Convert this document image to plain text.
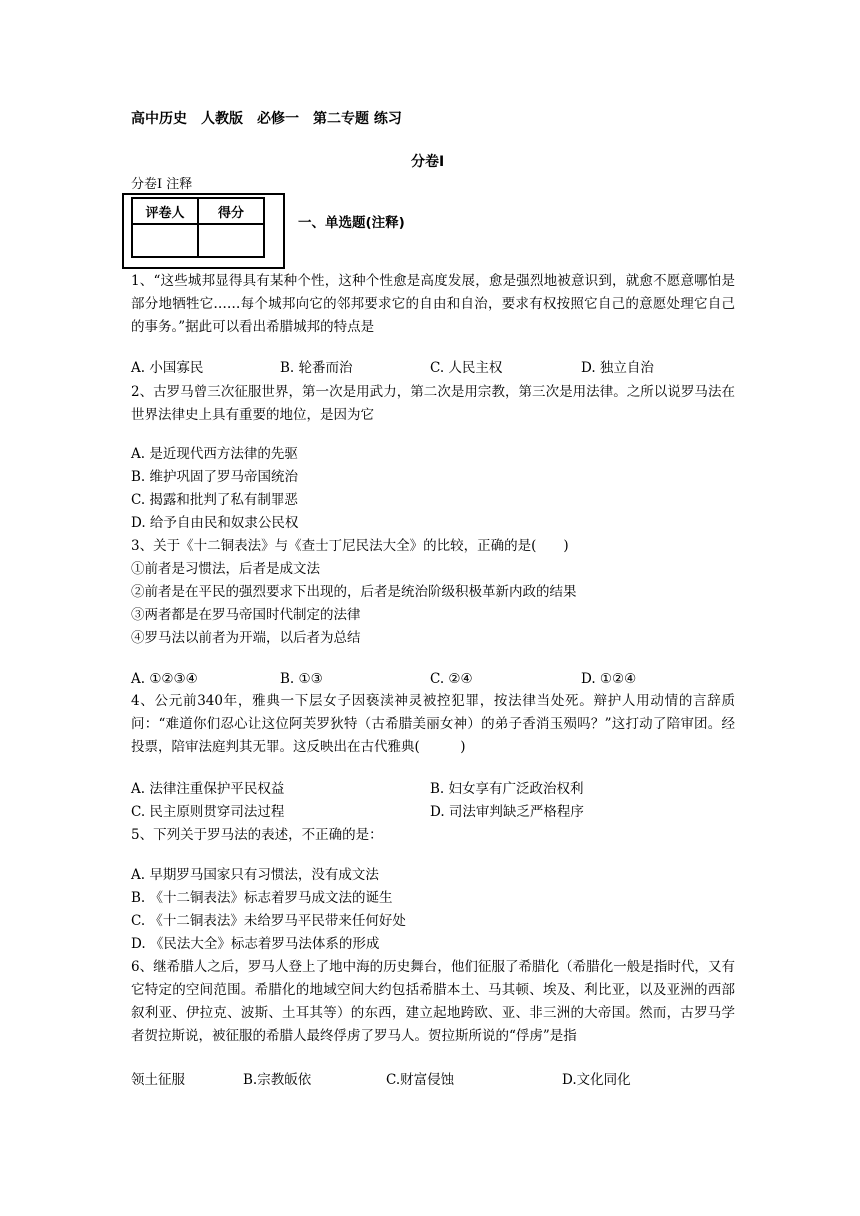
高中历史　人教版　必修一　第二专题 练习
分卷I
分卷I 注释
评卷人	得分

一、单选题(注释)
1、“这些城邦显得具有某种个性，这种个性愈是高度发展，愈是强烈地被意识到，就愈不愿意哪怕是部分地牺牲它……每个城邦向它的邻邦要求它的自由和自治，要求有权按照它自己的意愿处理它自己的事务。”据此可以看出希腊城邦的特点是
A. 小国寡民	B. 轮番而治	C. 人民主权	D. 独立自治
2、古罗马曾三次征服世界，第一次是用武力，第二次是用宗教，第三次是用法律。之所以说罗马法在世界法律史上具有重要的地位，是因为它
A. 是近现代西方法律的先驱
B. 维护巩固了罗马帝国统治
C. 揭露和批判了私有制罪恶
D. 给予自由民和奴隶公民权
3、关于《十二铜表法》与《查士丁尼民法大全》的比较，正确的是(　　)
①前者是习惯法，后者是成文法
②前者是在平民的强烈要求下出现的，后者是统治阶级积极革新内政的结果
③两者都是在罗马帝国时代制定的法律
④罗马法以前者为开端，以后者为总结
A. ①②③④	B. ①③	C. ②④	D. ①②④
4、公元前340年，雅典一下层女子因亵渎神灵被控犯罪，按法律当处死。辩护人用动情的言辞质问：“难道你们忍心让这位阿芙罗狄特（古希腊美丽女神）的弟子香消玉殒吗？”这打动了陪审团。经投票，陪审法庭判其无罪。这反映出在古代雅典(　　　)
A. 法律注重保护平民权益	B. 妇女享有广泛政治权利
C. 民主原则贯穿司法过程	D. 司法审判缺乏严格程序
5、下列关于罗马法的表述，不正确的是：
A. 早期罗马国家只有习惯法，没有成文法
B. 《十二铜表法》标志着罗马成文法的诞生
C. 《十二铜表法》未给罗马平民带来任何好处
D. 《民法大全》标志着罗马法体系的形成
6、继希腊人之后，罗马人登上了地中海的历史舞台，他们征服了希腊化（希腊化一般是指时代，又有它特定的空间范围。希腊化的地域空间大约包括希腊本土、马其顿、埃及、利比亚，以及亚洲的西部叙利亚、伊拉克、波斯、土耳其等）的东西，建立起地跨欧、亚、非三洲的大帝国。然而，古罗马学者贺拉斯说，被征服的希腊人最终俘虏了罗马人。贺拉斯所说的“俘虏”是指
领土征服	B.宗教皈依	C.财富侵蚀	D.文化同化
